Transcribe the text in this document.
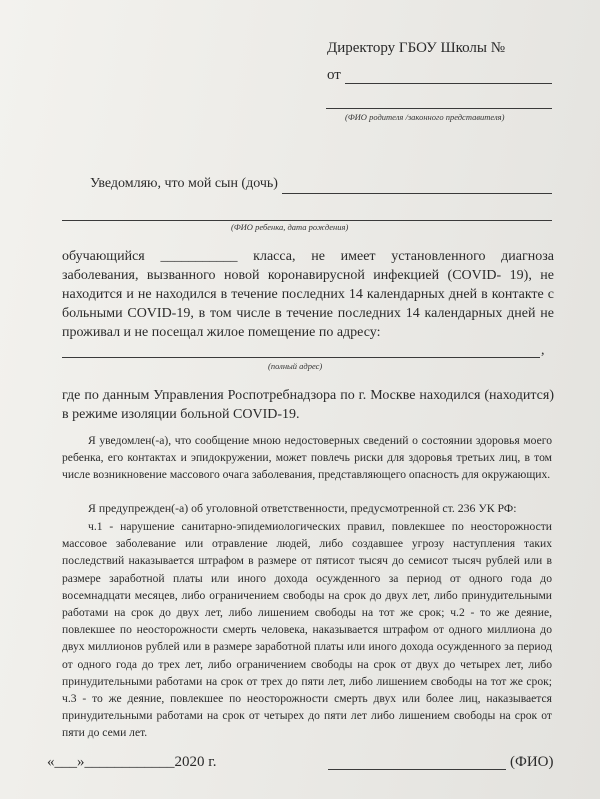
Директору ГБОУ Школы №
от
(ФИО родителя /законного представителя)
Уведомляю, что мой сын (дочь)
(ФИО ребенка, дата рождения)
обучающийся ___________ класса, не имеет установленного диагноза заболевания, вызванного новой коронавирусной инфекцией (COVID- 19), не находится и не находился в течение последних 14 календарных дней в контакте с больными COVID-19, в том числе в течение последних 14 календарных дней не проживал и не посещал жилое помещение по адресу:
,
(полный адрес)
где по данным Управления Роспотребнадзора по г. Москве находился (находится) в режиме изоляции больной COVID-19.
Я уведомлен(-а), что сообщение мною недостоверных сведений о состоянии здоровья моего ребенка, его контактах и эпидокружении, может повлечь риски для здоровья третьих лиц, в том числе возникновение массового очага заболевания, представляющего опасность для окружающих.
Я предупрежден(-а) об уголовной ответственности, предусмотренной ст. 236 УК РФ:
ч.1 - нарушение санитарно-эпидемиологических правил, повлекшее по неосторожности массовое заболевание или отравление людей, либо создавшее угрозу наступления таких последствий наказывается штрафом в размере от пятисот тысяч до семисот тысяч рублей или в размере заработной платы или иного дохода осужденного за период от одного года до восемнадцати месяцев, либо ограничением свободы на срок до двух лет, либо принудительными работами на срок до двух лет, либо лишением свободы на тот же срок; ч.2 - то же деяние, повлекшее по неосторожности смерть человека, наказывается штрафом от одного миллиона до двух миллионов рублей или в размере заработной платы или иного дохода осужденного за период от одного года до трех лет, либо ограничением свободы на срок от двух до четырех лет, либо принудительными работами на срок от трех до пяти лет, либо лишением свободы на тот же срок; ч.3 - то же деяние, повлекшее по неосторожности смерть двух или более лиц, наказывается принудительными работами на срок от четырех до пяти лет либо лишением свободы на срок от пяти до семи лет.
«___»____________2020 г.	(ФИО)
